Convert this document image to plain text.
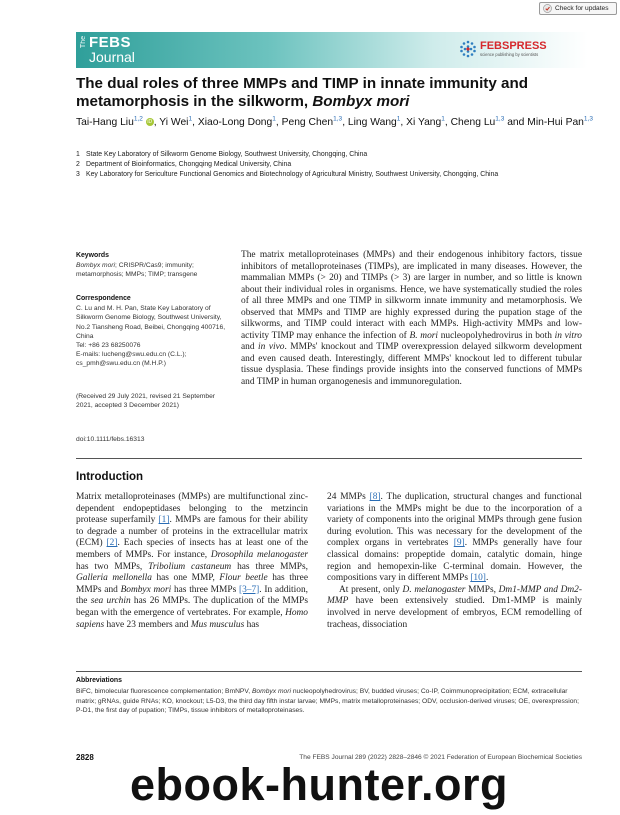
Check for updates
The FEBS
Journal
FEBSPRESS
science publishing by scientists
The dual roles of three MMPs and TIMP in innate immunity and metamorphosis in the silkworm, Bombyx mori
Tai-Hang Liu$^{1,2}$ iD , Yi Wei$^1$, Xiao-Long Dong$^1$, Peng Chen$^{1,3}$, Ling Wang$^1$, Xi Yang$^1$, Cheng Lu$^{1,3}$ and Min-Hui Pan$^{1,3}$
1 State Key Laboratory of Silkworm Genome Biology, Southwest University, Chongqing, China
2 Department of Bioinformatics, Chongqing Medical University, China
3 Key Laboratory for Sericulture Functional Genomics and Biotechnology of Agricultural Ministry, Southwest University, Chongqing, China
Keywords

Bombyx mori; CRISPR/Cas9; immunity; metamorphosis; MMPs; TIMP; transgene

Correspondence

C. Lu and M. H. Pan, State Key Laboratory of Silkworm Genome Biology, Southwest University, No.2 Tiansheng Road, Beibei, Chongqing 400716, China

Tel: +86 23 68250076

E-mails: lucheng@swu.edu.cn (C.L.); cs_pmh@swu.edu.cn (M.H.P.)

(Received 29 July 2021, revised 21 September 2021, accepted 3 December 2021)

doi:10.1111/febs.16313

The matrix metalloproteinases (MMPs) and their endogenous inhibitory factors, tissue inhibitors of metalloproteinases (TIMPs), are implicated in many diseases. However, the mammalian MMPs (> 20) and TIMPs (> 3) are larger in number, and so little is known about their individual roles in organisms. Hence, we have systematically studied the roles of all three MMPs and one TIMP in silkworm innate immunity and metamorphosis. We observed that MMPs and TIMP are highly expressed during the pupation stage of the silkworms, and TIMP could interact with each MMPs. High-activity MMPs and low-activity TIMP may enhance the infection of B. mori nucleopolyhedrovirus in both in vitro and in vivo. MMPs' knockout and TIMP overexpression delayed silkworm development and even caused death. Interestingly, different MMPs' knockout led to different tubular tissue dysplasia. These findings provide insights into the conserved functions of MMPs and TIMP in human organogenesis and immunoregulation.
Introduction

Matrix metalloproteinases (MMPs) are multifunctional zinc-dependent endopeptidases belonging to the metzincin protease superfamily [1]. MMPs are famous for their ability to degrade a number of proteins in the extracellular matrix (ECM) [2]. Each species of insects has at least one of the members of MMPs. For instance, Drosophila melanogaster has two MMPs, Tribolium castaneum has three MMPs, Galleria mellonella has one MMP, Flour beetle has three MMPs and Bombyx mori has three MMPs [3–7]. In addition, the sea urchin has 26 MMPs. The duplication of the MMPs began with the emergence of vertebrates. For example, Homo sapiens have 23 members and Mus musculus has

24 MMPs [8]. The duplication, structural changes and functional variations in the MMPs might be due to the incorporation of a variety of components into the original MMPs through gene fusion during evolution. This was necessary for the development of the complex organs in vertebrates [9]. MMPs generally have four classical domains: propeptide domain, catalytic domain, hinge region and hemopexin-like C-terminal domain. However, the compositions vary in different MMPs [10].

At present, only D. melanogaster MMPs, Dm1-MMP and Dm2-MMP have been extensively studied. Dm1-MMP is mainly involved in nerve development of embryos, ECM remodelling of tracheas, dissociation

Abbreviations
BiFC, bimolecular fluorescence complementation; BmNPV, Bombyx mori nucleopolyhedrovirus; BV, budded viruses; Co-IP, Coimmunoprecipitation; ECM, extracellular matrix; gRNAs, guide RNAs; KO, knockout; L5-D3, the third day fifth instar larvae; MMPs, matrix metalloproteinases; ODV, occlusion-derived viruses; OE, overexpression; P-D1, the first day of pupation; TIMPs, tissue inhibitors of metalloproteinases.
2828	The FEBS Journal 289 (2022) 2828–2846 © 2021 Federation of European Biochemical Societies
ebook-hunter.org
